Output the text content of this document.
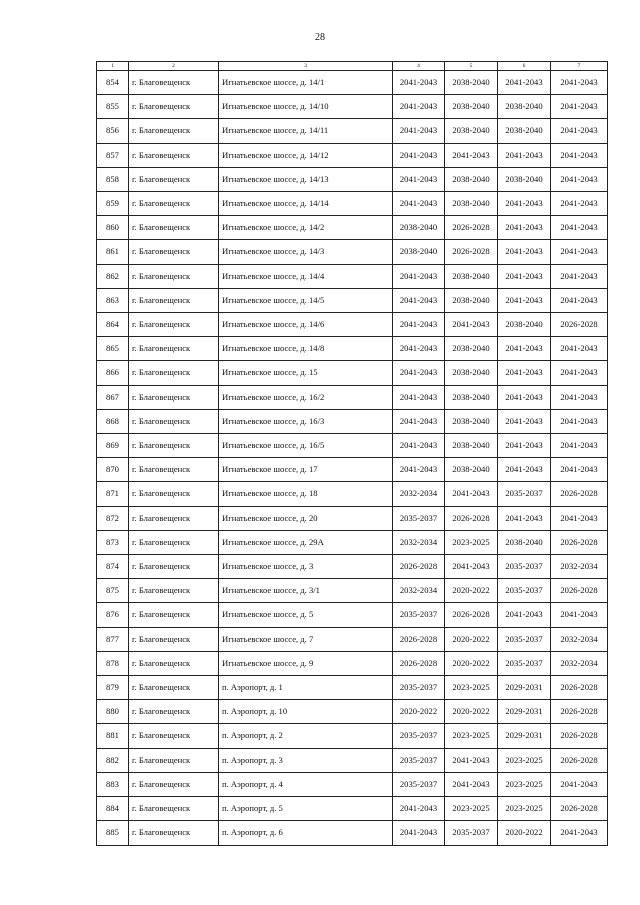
28
1	2	3	4	5	6	7
854	г. Благовещенск	Игнатьевское шоссе, д. 14/1	2041-2043	2038-2040	2041-2043	2041-2043
855	г. Благовещенск	Игнатьевское шоссе, д. 14/10	2041-2043	2038-2040	2038-2040	2041-2043
856	г. Благовещенск	Игнатьевское шоссе, д. 14/11	2041-2043	2038-2040	2038-2040	2041-2043
857	г. Благовещенск	Игнатьевское шоссе, д. 14/12	2041-2043	2041-2043	2041-2043	2041-2043
858	г. Благовещенск	Игнатьевское шоссе, д. 14/13	2041-2043	2038-2040	2038-2040	2041-2043
859	г. Благовещенск	Игнатьевское шоссе, д. 14/14	2041-2043	2038-2040	2041-2043	2041-2043
860	г. Благовещенск	Игнатьевское шоссе, д. 14/2	2038-2040	2026-2028	2041-2043	2041-2043
861	г. Благовещенск	Игнатьевское шоссе, д. 14/3	2038-2040	2026-2028	2041-2043	2041-2043
862	г. Благовещенск	Игнатьевское шоссе, д. 14/4	2041-2043	2038-2040	2041-2043	2041-2043
863	г. Благовещенск	Игнатьевское шоссе, д. 14/5	2041-2043	2038-2040	2041-2043	2041-2043
864	г. Благовещенск	Игнатьевское шоссе, д. 14/6	2041-2043	2041-2043	2038-2040	2026-2028
865	г. Благовещенск	Игнатьевское шоссе, д. 14/8	2041-2043	2038-2040	2041-2043	2041-2043
866	г. Благовещенск	Игнатьевское шоссе, д. 15	2041-2043	2038-2040	2041-2043	2041-2043
867	г. Благовещенск	Игнатьевское шоссе, д. 16/2	2041-2043	2038-2040	2041-2043	2041-2043
868	г. Благовещенск	Игнатьевское шоссе, д. 16/3	2041-2043	2038-2040	2041-2043	2041-2043
869	г. Благовещенск	Игнатьевское шоссе, д. 16/5	2041-2043	2038-2040	2041-2043	2041-2043
870	г. Благовещенск	Игнатьевское шоссе, д. 17	2041-2043	2038-2040	2041-2043	2041-2043
871	г. Благовещенск	Игнатьевское шоссе, д. 18	2032-2034	2041-2043	2035-2037	2026-2028
872	г. Благовещенск	Игнатьевское шоссе, д. 20	2035-2037	2026-2028	2041-2043	2041-2043
873	г. Благовещенск	Игнатьевское шоссе, д. 29А	2032-2034	2023-2025	2038-2040	2026-2028
874	г. Благовещенск	Игнатьевское шоссе, д. 3	2026-2028	2041-2043	2035-2037	2032-2034
875	г. Благовещенск	Игнатьевское шоссе, д. 3/1	2032-2034	2020-2022	2035-2037	2026-2028
876	г. Благовещенск	Игнатьевское шоссе, д. 5	2035-2037	2026-2028	2041-2043	2041-2043
877	г. Благовещенск	Игнатьевское шоссе, д. 7	2026-2028	2020-2022	2035-2037	2032-2034
878	г. Благовещенск	Игнатьевское шоссе, д. 9	2026-2028	2020-2022	2035-2037	2032-2034
879	г. Благовещенск	п. Аэропорт, д. 1	2035-2037	2023-2025	2029-2031	2026-2028
880	г. Благовещенск	п. Аэропорт, д. 10	2020-2022	2020-2022	2029-2031	2026-2028
881	г. Благовещенск	п. Аэропорт, д. 2	2035-2037	2023-2025	2029-2031	2026-2028
882	г. Благовещенск	п. Аэропорт, д. 3	2035-2037	2041-2043	2023-2025	2026-2028
883	г. Благовещенск	п. Аэропорт, д. 4	2035-2037	2041-2043	2023-2025	2041-2043
884	г. Благовещенск	п. Аэропорт, д. 5	2041-2043	2023-2025	2023-2025	2026-2028
885	г. Благовещенск	п. Аэропорт, д. 6	2041-2043	2035-2037	2020-2022	2041-2043
